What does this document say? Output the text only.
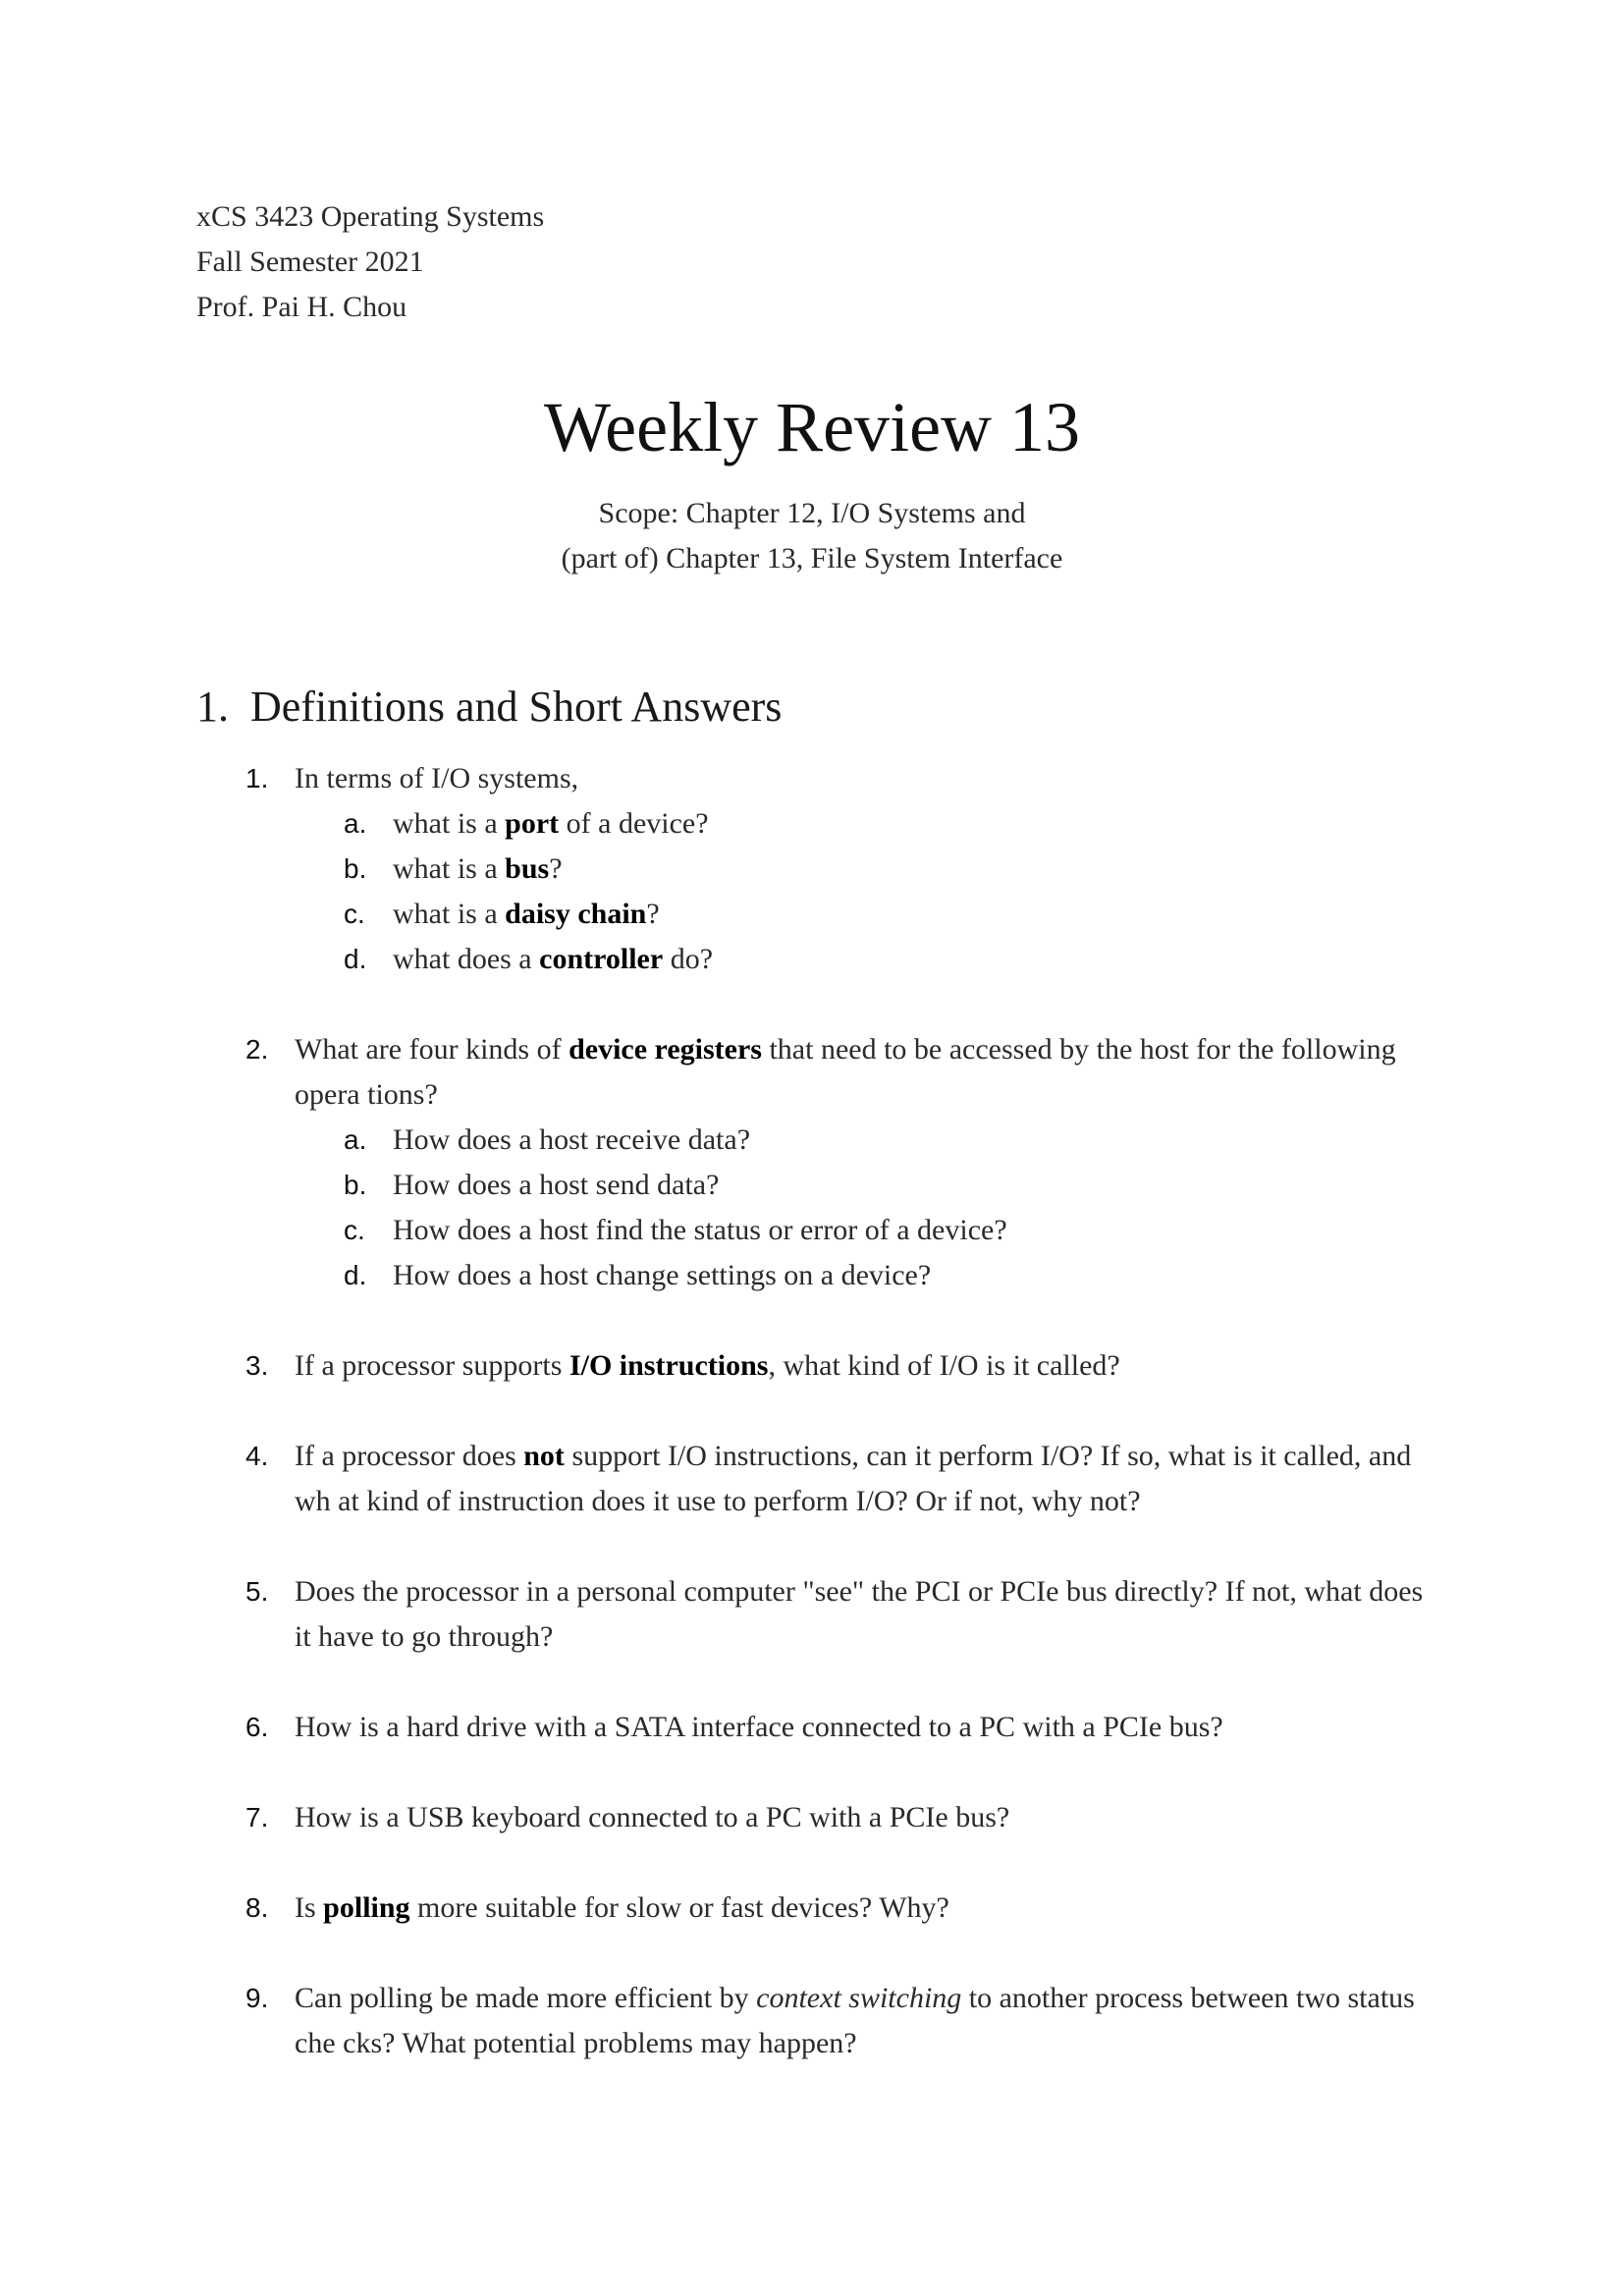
xCS 3423 Operating Systems
Fall Semester 2021
Prof. Pai H. Chou
Weekly Review 13
Scope: Chapter 12, I/O Systems and
(part of) Chapter 13, File System Interface
1. Definitions and Short Answers
1. In terms of I/O systems,
a. what is a port of a device?
b. what is a bus?
c. what is a daisy chain?
d. what does a controller do?
2. What are four kinds of device registers that need to be accessed by the host for the following opera tions?
a. How does a host receive data?
b. How does a host send data?
c. How does a host find the status or error of a device?
d. How does a host change settings on a device?
3. If a processor supports I/O instructions, what kind of I/O is it called?
4. If a processor does not support I/O instructions, can it perform I/O? If so, what is it called, and wh at kind of instruction does it use to perform I/O? Or if not, why not?
5. Does the processor in a personal computer "see" the PCI or PCIe bus directly? If not, what does it have to go through?
6. How is a hard drive with a SATA interface connected to a PC with a PCIe bus?
7. How is a USB keyboard connected to a PC with a PCIe bus?
8. Is polling more suitable for slow or fast devices? Why?
9. Can polling be made more efficient by context switching to another process between two status che cks? What potential problems may happen?
